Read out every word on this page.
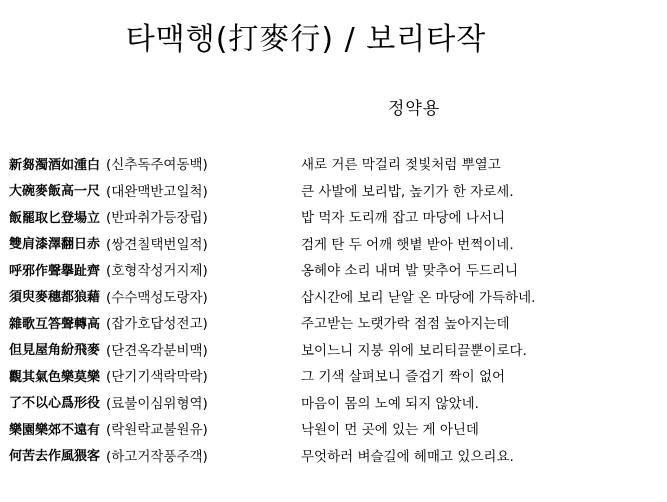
타맥행(打麥行) / 보리타작
정약용
新芻濁酒如湩白 (신추독주여동백)	새로 거른 막걸리 젖빛처럼 뿌열고
大碗麥飯高一尺 (대완맥반고일척)	큰 사발에 보리밥, 높기가 한 자로세.
飯罷取匕登場立 (반파취가등장립)	밥 먹자 도리깨 잡고 마당에 나서니
雙肩漆澤翻日赤 (쌍견칠택번일적)	검게 탄 두 어깨 햇볕 받아 번쩍이네.
呼邪作聲擧趾齊 (호형작성거지제)	옹헤야 소리 내며 발 맞추어 두드리니
須臾麥穗都狼藉 (수수맥성도랑자)	삽시간에 보리 낟알 온 마당에 가득하네.
雜歌互答聲轉高 (잡가호답성전고)	주고받는 노랫가락 점점 높아지는데
但見屋角紛飛麥 (단견옥각분비맥)	보이느니 지붕 위에 보리티끌뿐이로다.
觀其氣色樂莫樂 (단기기색락막락)	그 기색 살펴보니 즐겁기 짝이 없어
了不以心爲形役 (료불이심위형역)	마음이 몸의 노예 되지 않았네.
樂園樂郊不遠有 (락원락교불원유)	낙원이 먼 곳에 있는 게 아닌데
何苦去作風猥客 (하고거작풍주객)	무엇하러 벼슬길에 헤매고 있으리요.
